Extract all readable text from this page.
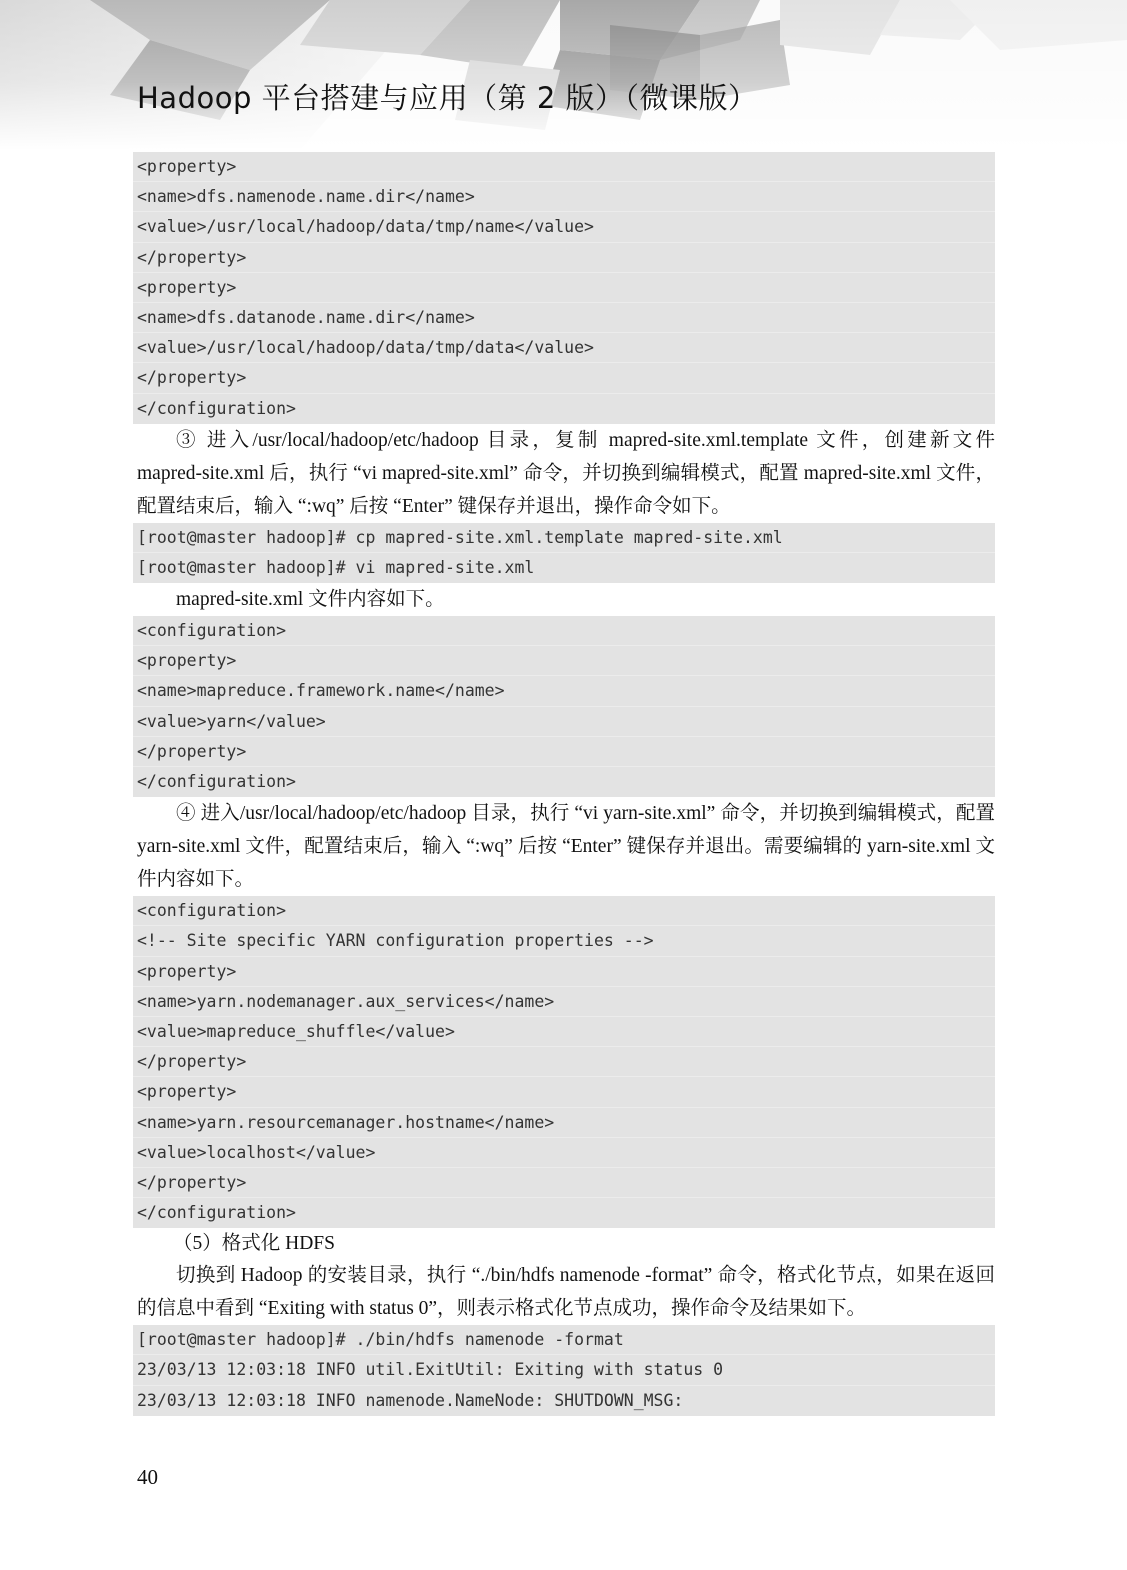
Hadoop 平台搭建与应用（第 2 版）（微课版）
<property>
<name>dfs.namenode.name.dir</name>
<value>/usr/local/hadoop/data/tmp/name</value>
</property>
<property>
<name>dfs.datanode.name.dir</name>
<value>/usr/local/hadoop/data/tmp/data</value>
</property>
</configuration>

③ 进入/usr/local/hadoop/etc/hadoop 目录，复制 mapred-site.xml.template 文件，创建新文件 mapred-site.xml 后，执行 “vi mapred-site.xml” 命令，并切换到编辑模式，配置 mapred-site.xml 文件，配置结束后，输入 “:wq” 后按 “Enter” 键保存并退出，操作命令如下。

[root@master hadoop]# cp mapred-site.xml.template mapred-site.xml
[root@master hadoop]# vi mapred-site.xml

mapred-site.xml 文件内容如下。

<configuration>
<property>
<name>mapreduce.framework.name</name>
<value>yarn</value>
</property>
</configuration>

④ 进入/usr/local/hadoop/etc/hadoop 目录，执行 “vi yarn-site.xml” 命令，并切换到编辑模式，配置 yarn-site.xml 文件，配置结束后，输入 “:wq” 后按 “Enter” 键保存并退出。需要编辑的 yarn-site.xml 文件内容如下。

<configuration>
<!-- Site specific YARN configuration properties -->
<property>
<name>yarn.nodemanager.aux_services</name>
<value>mapreduce_shuffle</value>
</property>
<property>
<name>yarn.resourcemanager.hostname</name>
<value>localhost</value>
</property>
</configuration>

（5）格式化 HDFS

切换到 Hadoop 的安装目录，执行 “./bin/hdfs namenode -format” 命令，格式化节点，如果在返回的信息中看到 “Exiting with status 0”，则表示格式化节点成功，操作命令及结果如下。

[root@master hadoop]# ./bin/hdfs namenode -format
23/03/13 12:03:18 INFO util.ExitUtil: Exiting with status 0
23/03/13 12:03:18 INFO namenode.NameNode: SHUTDOWN_MSG:
40
